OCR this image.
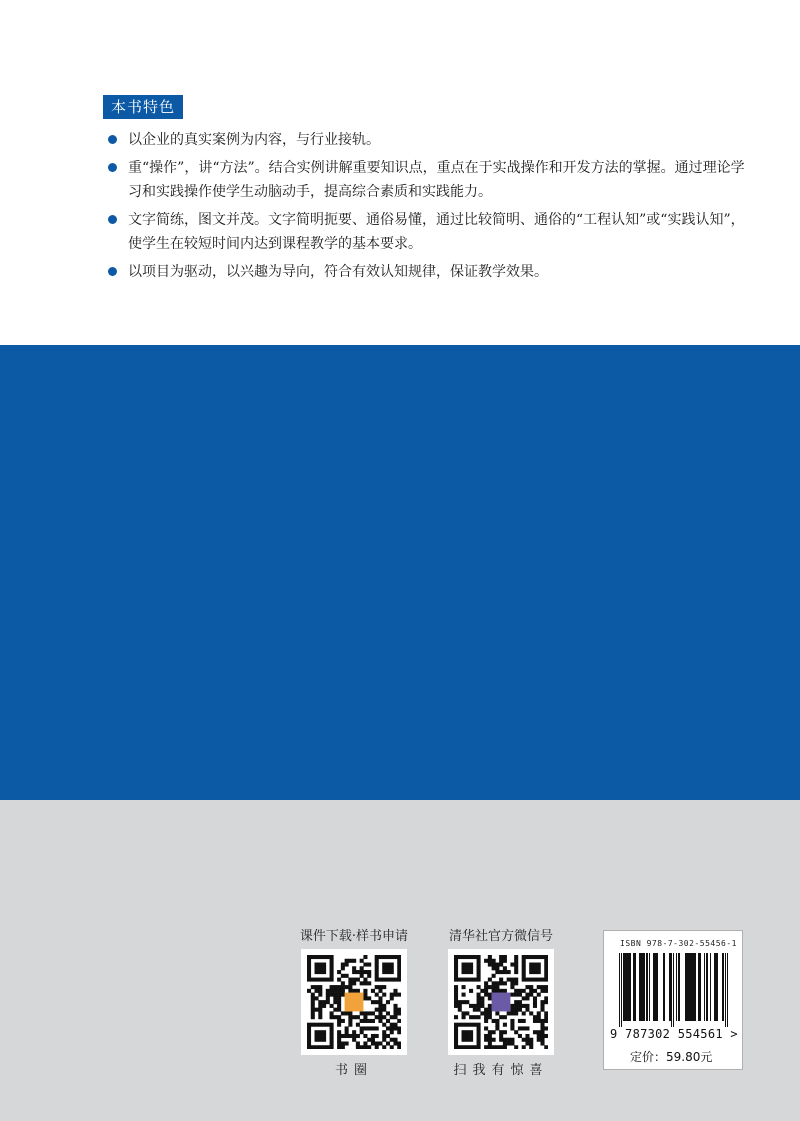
本书特色
以企业的真实案例为内容，与行业接轨。
重“操作”，讲“方法”。结合实例讲解重要知识点，重点在于实战操作和开发方法的掌握。通过理论学习和实践操作使学生动脑动手，提高综合素质和实践能力。
文字简练，图文并茂。文字简明扼要、通俗易懂，通过比较简明、通俗的“工程认知”或“实践认知”，使学生在较短时间内达到课程教学的基本要求。
以项目为驱动，以兴趣为导向，符合有效认知规律，保证教学效果。
课件下载·样书申请
书圈
清华社官方微信号
扫我有惊喜
ISBN 978-7-302-55456-1
9 787302 554561 >
定价：59.80元
